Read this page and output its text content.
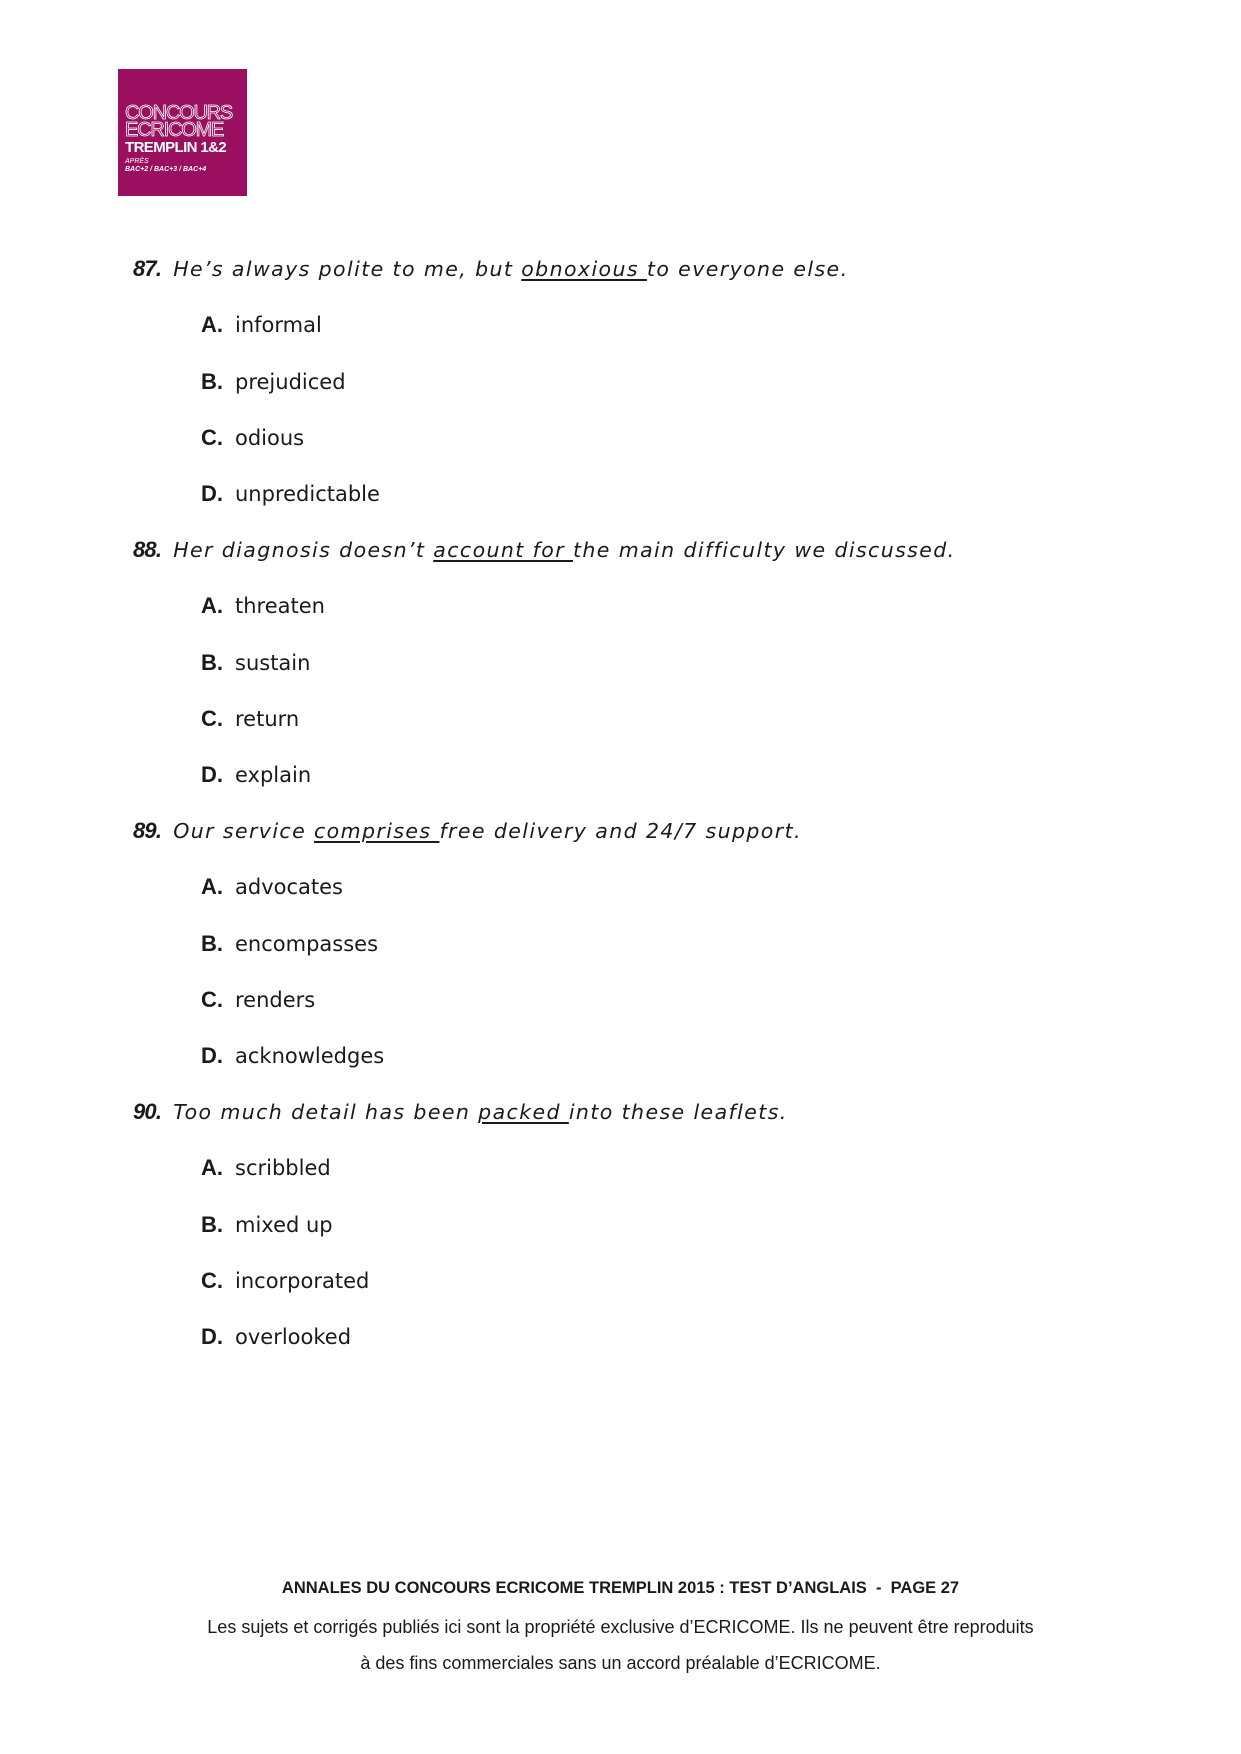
CONCOURS
ECRICOME
TREMPLIN 1&2
APRÈS
BAC+2 / BAC+3 / BAC+4
87. He’s always polite to me, but obnoxious to everyone else.
A. informal
B. prejudiced
C. odious
D. unpredictable
88. Her diagnosis doesn’t account for the main difficulty we discussed.
A. threaten
B. sustain
C. return
D. explain
89. Our service comprises free delivery and 24/7 support.
A. advocates
B. encompasses
C. renders
D. acknowledges
90. Too much detail has been packed into these leaflets.
A. scribbled
B. mixed up
C. incorporated
D. overlooked
ANNALES DU CONCOURS ECRICOME TREMPLIN 2015 : TEST D’ANGLAIS  -  PAGE 27
Les sujets et corrigés publiés ici sont la propriété exclusive d’ECRICOME. Ils ne peuvent être reproduits
à des fins commerciales sans un accord préalable d’ECRICOME.
